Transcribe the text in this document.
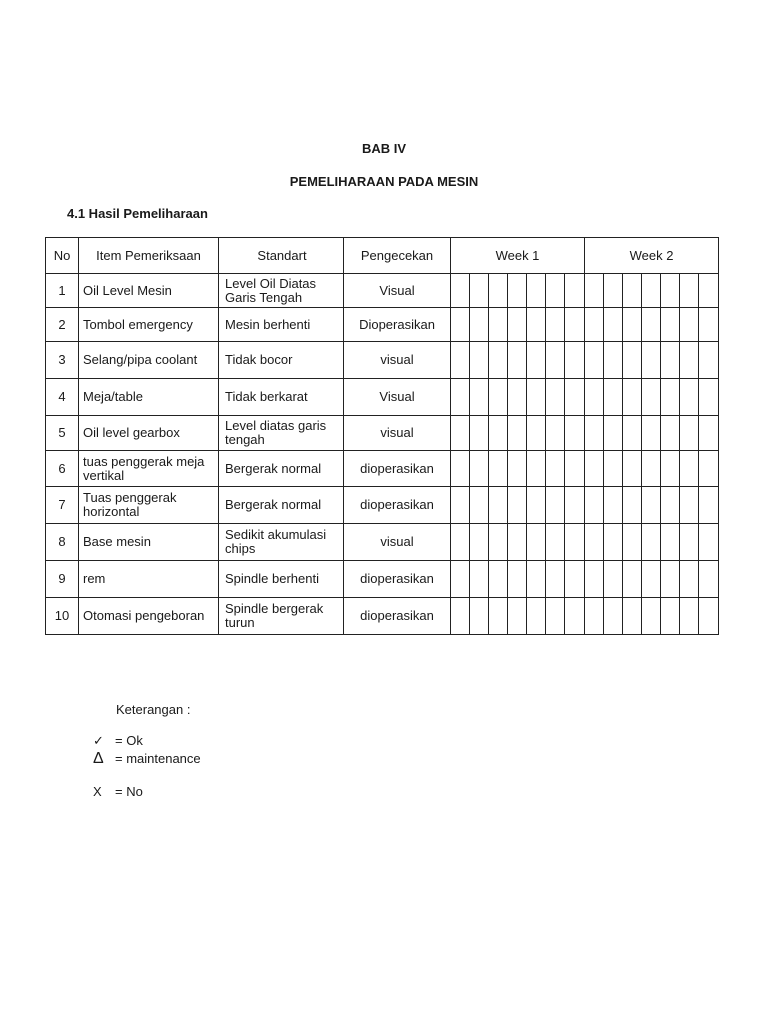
BAB IV
PEMELIHARAAN PADA MESIN
4.1 Hasil Pemeliharaan
No	Item Pemeriksaan	Standart	Pengecekan	Week 1							Week 2						
1	Oil Level Mesin	Level Oil Diatas Garis Tengah	Visual														
2	Tombol emergency	Mesin berhenti	Dioperasikan														
3	Selang/pipa coolant	Tidak bocor	visual														
4	Meja/table	Tidak berkarat	Visual														
5	Oil level gearbox	Level diatas garis tengah	visual														
6	tuas penggerak meja vertikal	Bergerak normal	dioperasikan														
7	Tuas penggerak horizontal	Bergerak normal	dioperasikan														
8	Base mesin	Sedikit akumulasi chips	visual														
9	rem	Spindle berhenti	dioperasikan														
10	Otomasi pengeboran	Spindle bergerak turun	dioperasikan														
Keterangan :
✓ = Ok
Δ = maintenance
X = No
